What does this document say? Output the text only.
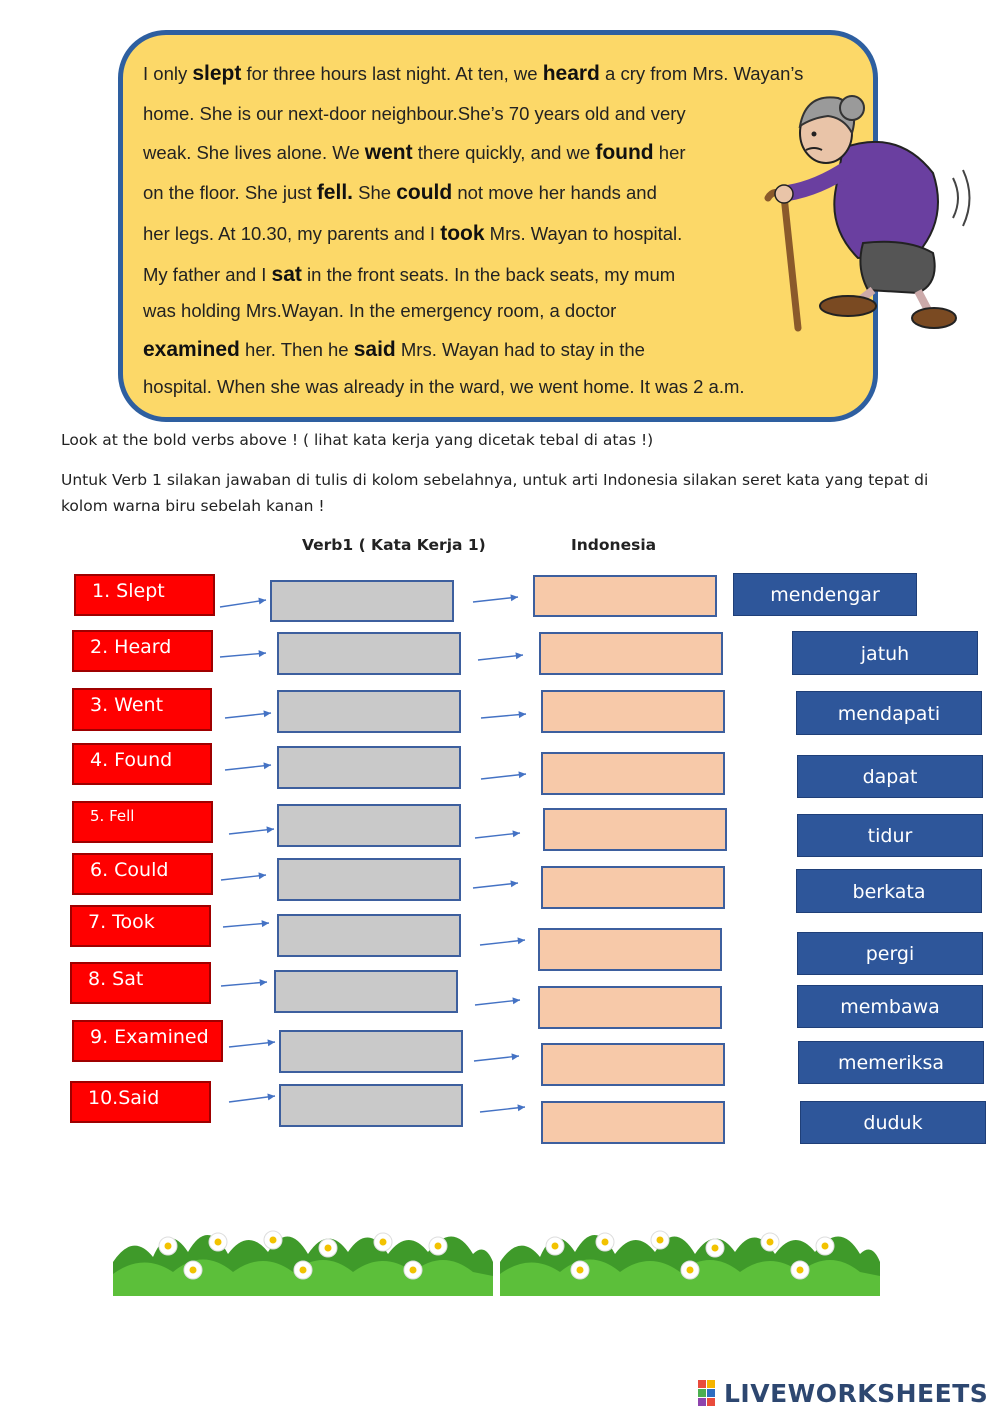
I only slept for three hours last night. At ten, we heard a cry from Mrs. Wayan’s
home. She is our next-door neighbour.She’s 70 years old and very
weak. She lives alone. We went there quickly, and we found her
on the floor. She just fell. She could not move her hands and
her legs. At 10.30, my parents and I took Mrs. Wayan to hospital.
My father and I sat in the front seats. In the back seats, my mum
was holding Mrs.Wayan. In the emergency room, a doctor
examined her. Then he said Mrs. Wayan had to stay in the
hospital. When she was already in the ward, we went home. It was 2 a.m.
Look at the bold verbs above ! ( lihat kata kerja yang dicetak tebal di atas !)
Untuk Verb 1 silakan jawaban di tulis di kolom sebelahnya, untuk arti Indonesia silakan seret kata yang tepat di kolom warna biru sebelah kanan !
Verb1 ( Kata Kerja 1)	Indonesia
1. Slept
2. Heard
3. Went
4. Found
5. Fell
6. Could
7. Took
8. Sat
9. Examined
10.Said
mendengar
jatuh
mendapati
dapat
tidur
berkata
pergi
membawa
memeriksa
duduk
LIVEWORKSHEETS
